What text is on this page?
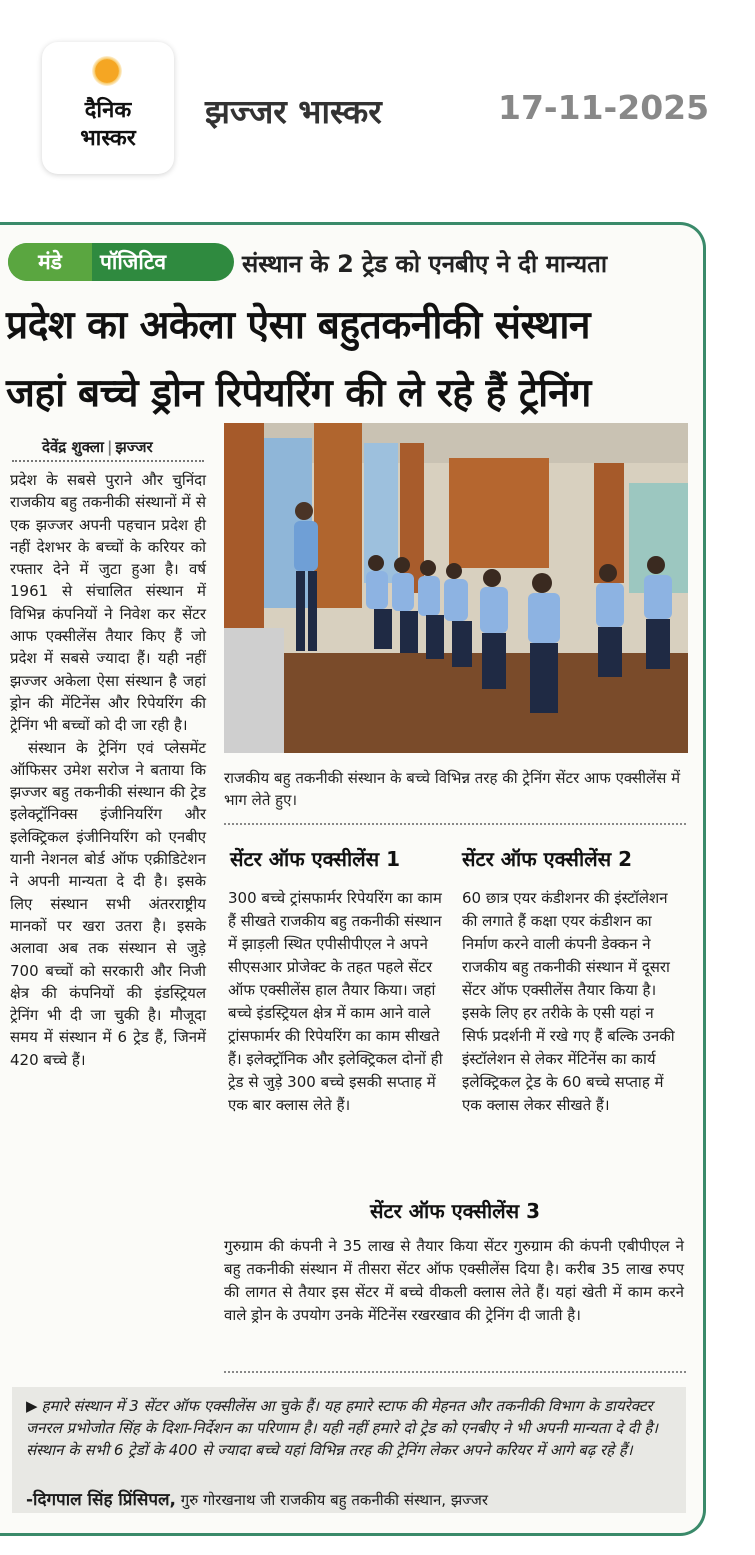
दैनिक
भास्कर
झज्जर भास्कर	17-11-2025
मंडे	पॉजिटिव	संस्थान के 2 ट्रेड को एनबीए ने दी मान्यता
प्रदेश का अकेला ऐसा बहुतकनीकी संस्थान
जहां बच्चे ड्रोन रिपेयरिंग की ले रहे हैं ट्रेनिंग
देवेंद्र शुक्ला | झज्जर

प्रदेश के सबसे पुराने और चुनिंदा राजकीय बहु तकनीकी संस्थानों में से एक झज्जर अपनी पहचान प्रदेश ही नहीं देशभर के बच्चों के करियर को रफ्तार देने में जुटा हुआ है। वर्ष 1961 से संचालित संस्थान में विभिन्न कंपनियों ने निवेश कर सेंटर आफ एक्सीलेंस तैयार किए हैं जो प्रदेश में सबसे ज्यादा हैं। यही नहीं झज्जर अकेला ऐसा संस्थान है जहां ड्रोन की मेंटिनेंस और रिपेयरिंग की ट्रेनिंग भी बच्चों को दी जा रही है।

संस्थान के ट्रेनिंग एवं प्लेसमेंट ऑफिसर उमेश सरोज ने बताया कि झज्जर बहु तकनीकी संस्थान की ट्रेड इलेक्ट्रॉनिक्स इंजीनियरिंग और इलेक्ट्रिकल इंजीनियरिंग को एनबीए यानी नेशनल बोर्ड ऑफ एक्रीडिटेशन ने अपनी मान्यता दे दी है। इसके लिए संस्थान सभी अंतरराष्ट्रीय मानकों पर खरा उतरा है। इसके अलावा अब तक संस्थान से जुड़े 700 बच्चों को सरकारी और निजी क्षेत्र की कंपनियों की इंडस्ट्रियल ट्रेनिंग भी दी जा चुकी है। मौजूदा समय में संस्थान में 6 ट्रेड हैं, जिनमें 420 बच्चे हैं।

राजकीय बहु तकनीकी संस्थान के बच्चे विभिन्न तरह की ट्रेनिंग सेंटर आफ एक्सीलेंस में भाग लेते हुए।
सेंटर ऑफ एक्सीलेंस 1
300 बच्चे ट्रांसफार्मर रिपेयरिंग का काम हैं सीखते राजकीय बहु तकनीकी संस्थान में झाड़ली स्थित एपीसीपीएल ने अपने सीएसआर प्रोजेक्ट के तहत पहले सेंटर ऑफ एक्सीलेंस हाल तैयार किया। जहां बच्चे इंडस्ट्रियल क्षेत्र में काम आने वाले ट्रांसफार्मर की रिपेयरिंग का काम सीखते हैं। इलेक्ट्रॉनिक और इलेक्ट्रिकल दोनों ही ट्रेड से जुड़े 300 बच्चे इसकी सप्ताह में एक बार क्लास लेते हैं।
सेंटर ऑफ एक्सीलेंस 2
60 छात्र एयर कंडीशनर की इंस्टॉलेशन की लगाते हैं कक्षा एयर कंडीशन का निर्माण करने वाली कंपनी डेक्कन ने राजकीय बहु तकनीकी संस्थान में दूसरा सेंटर ऑफ एक्सीलेंस तैयार किया है। इसके लिए हर तरीके के एसी यहां न सिर्फ प्रदर्शनी में रखे गए हैं बल्कि उनकी इंस्टॉलेशन से लेकर मेंटिनेंस का कार्य इलेक्ट्रिकल ट्रेड के 60 बच्चे सप्ताह में एक क्लास लेकर सीखते हैं।
सेंटर ऑफ एक्सीलेंस 3
गुरुग्राम की कंपनी ने 35 लाख से तैयार किया सेंटर गुरुग्राम की कंपनी एबीपीएल ने बहु तकनीकी संस्थान में तीसरा सेंटर ऑफ एक्सीलेंस दिया है। करीब 35 लाख रुपए की लागत से तैयार इस सेंटर में बच्चे वीकली क्लास लेते हैं। यहां खेती में काम करने वाले ड्रोन के उपयोग उनके मेंटिनेंस रखरखाव की ट्रेनिंग दी जाती है।
▶ हमारे संस्थान में 3 सेंटर ऑफ एक्सीलेंस आ चुके हैं। यह हमारे स्टाफ की मेहनत और तकनीकी विभाग के डायरेक्टर जनरल प्रभोजोत सिंह के दिशा-निर्देशन का परिणाम है। यही नहीं हमारे दो ट्रेड को एनबीए ने भी अपनी मान्यता दे दी है। संस्थान के सभी 6 ट्रेडों के 400 से ज्यादा बच्चे यहां विभिन्न तरह की ट्रेनिंग लेकर अपने करियर में आगे बढ़ रहे हैं।
-दिगपाल सिंह प्रिंसिपल, गुरु गोरखनाथ जी राजकीय बहु तकनीकी संस्थान, झज्जर
